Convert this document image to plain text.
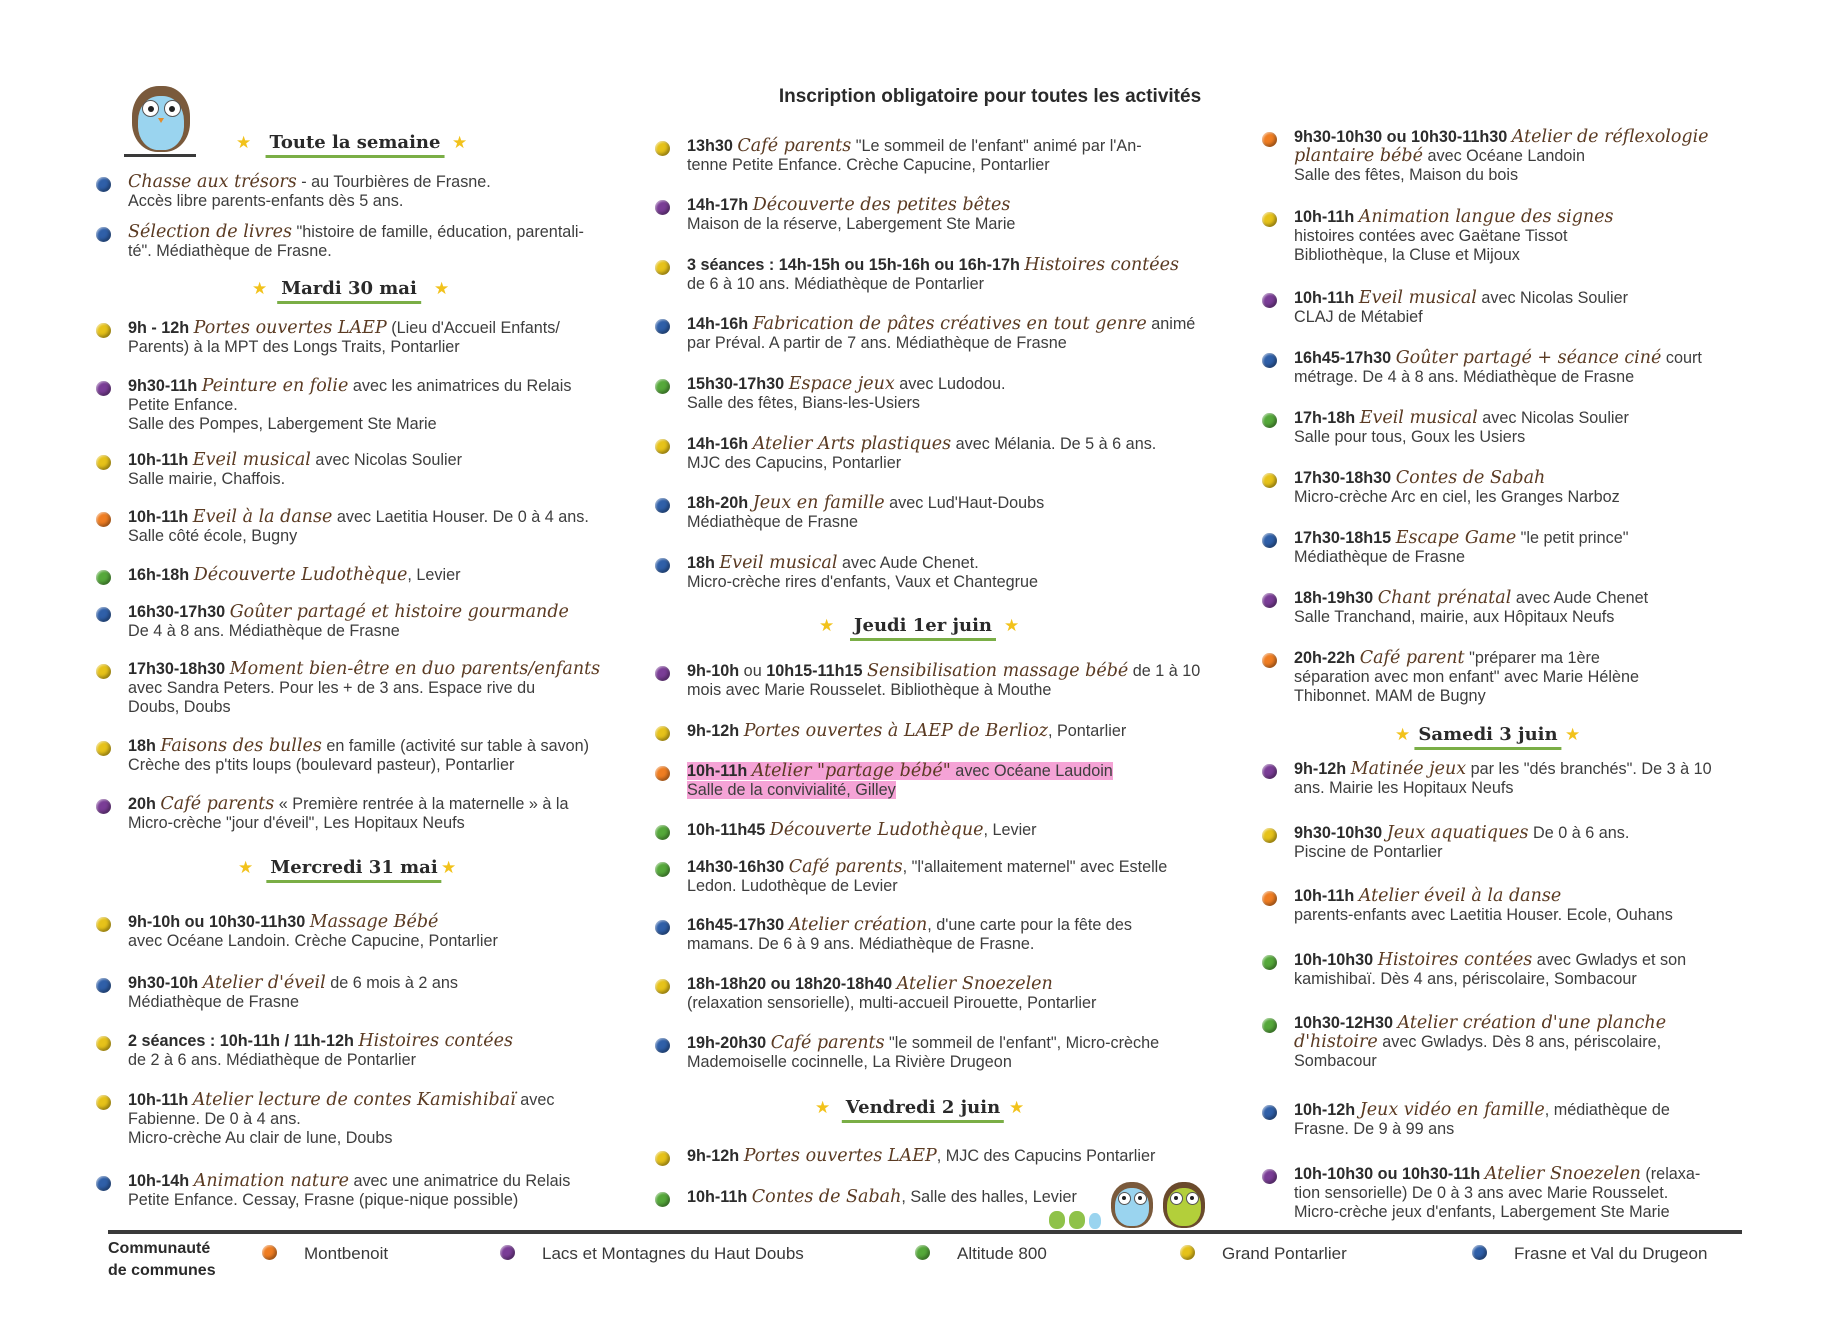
Inscription obligatoire pour toutes les activités
★ Toute la semaine ★
Chasse aux trésors - au Tourbières de Frasne.
Accès libre parents-enfants dès 5 ans.
Sélection de livres "histoire de famille, éducation, parentali-
té". Médiathèque de Frasne.
★ Mardi 30 mai ★
9h - 12h Portes ouvertes LAEP (Lieu d'Accueil Enfants/
Parents) à la MPT des Longs Traits, Pontarlier
9h30-11h Peinture en folie avec les animatrices du Relais
Petite Enfance.
Salle des Pompes, Labergement Ste Marie
10h-11h Eveil musical avec Nicolas Soulier
Salle mairie, Chaffois.
10h-11h Eveil à la danse avec Laetitia Houser. De 0 à 4 ans.
Salle côté école, Bugny
16h-18h Découverte Ludothèque, Levier
16h30-17h30 Goûter partagé et histoire gourmande
De 4 à 8 ans. Médiathèque de Frasne
17h30-18h30 Moment bien-être en duo parents/enfants
avec Sandra Peters. Pour les + de 3 ans. Espace rive du
Doubs, Doubs
18h Faisons des bulles en famille (activité sur table à savon)
Crèche des p'tits loups (boulevard pasteur), Pontarlier
20h Café parents « Première rentrée à la maternelle » à la
Micro-crèche "jour d'éveil", Les Hopitaux Neufs
★ Mercredi 31 mai ★
9h-10h ou 10h30-11h30 Massage Bébé
avec Océane Landoin. Crèche Capucine, Pontarlier
9h30-10h Atelier d'éveil de 6 mois à 2 ans
Médiathèque de Frasne
2 séances : 10h-11h / 11h-12h Histoires contées
de 2 à 6 ans. Médiathèque de Pontarlier
10h-11h Atelier lecture de contes Kamishibaï avec
Fabienne. De 0 à 4 ans.
Micro-crèche Au clair de lune, Doubs
10h-14h Animation nature avec une animatrice du Relais
Petite Enfance. Cessay, Frasne (pique-nique possible)
13h30 Café parents "Le sommeil de l'enfant" animé par l'An-
tenne Petite Enfance. Crèche Capucine, Pontarlier
14h-17h Découverte des petites bêtes
Maison de la réserve, Labergement Ste Marie
3 séances : 14h-15h ou 15h-16h ou 16h-17h Histoires contées
de 6 à 10 ans. Médiathèque de Pontarlier
14h-16h Fabrication de pâtes créatives en tout genre animé
par Préval. A partir de 7 ans. Médiathèque de Frasne
15h30-17h30 Espace jeux avec Ludodou.
Salle des fêtes, Bians-les-Usiers
14h-16h Atelier Arts plastiques avec Mélania. De 5 à 6 ans.
MJC des Capucins, Pontarlier
18h-20h Jeux en famille avec Lud'Haut-Doubs
Médiathèque de Frasne
18h Eveil musical avec Aude Chenet.
Micro-crèche rires d'enfants, Vaux et Chantegrue
★ Jeudi 1er juin ★
9h-10h ou 10h15-11h15 Sensibilisation massage bébé de 1 à 10
mois avec Marie Rousselet. Bibliothèque à Mouthe
9h-12h Portes ouvertes à LAEP de Berlioz, Pontarlier
10h-11h Atelier "partage bébé" avec Océane Laudoin
Salle de la convivialité, Gilley
10h-11h45 Découverte Ludothèque, Levier
14h30-16h30 Café parents, "l'allaitement maternel" avec Estelle
Ledon. Ludothèque de Levier
16h45-17h30 Atelier création, d'une carte pour la fête des
mamans. De 6 à 9 ans. Médiathèque de Frasne.
18h-18h20 ou 18h20-18h40 Atelier Snoezelen
(relaxation sensorielle), multi-accueil Pirouette, Pontarlier
19h-20h30 Café parents "le sommeil de l'enfant", Micro-crèche
Mademoiselle cocinnelle, La Rivière Drugeon
★ Vendredi 2 juin ★
9h-12h Portes ouvertes LAEP, MJC des Capucins Pontarlier
10h-11h Contes de Sabah, Salle des halles, Levier
9h30-10h30 ou 10h30-11h30 Atelier de réflexologie
plantaire bébé avec Océane Landoin
Salle des fêtes, Maison du bois
10h-11h Animation langue des signes
histoires contées avec Gaëtane Tissot
Bibliothèque, la Cluse et Mijoux
10h-11h Eveil musical avec Nicolas Soulier
CLAJ de Métabief
16h45-17h30 Goûter partagé + séance ciné court
métrage. De 4 à 8 ans. Médiathèque de Frasne
17h-18h Eveil musical avec Nicolas Soulier
Salle pour tous, Goux les Usiers
17h30-18h30 Contes de Sabah
Micro-crèche Arc en ciel, les Granges Narboz
17h30-18h15 Escape Game "le petit prince"
Médiathèque de Frasne
18h-19h30 Chant prénatal avec Aude Chenet
Salle Tranchand, mairie, aux Hôpitaux Neufs
20h-22h Café parent "préparer ma 1ère
séparation avec mon enfant" avec Marie Hélène
Thibonnet. MAM de Bugny
★ Samedi 3 juin ★
9h-12h Matinée jeux par les "dés branchés". De 3 à 10
ans. Mairie les Hopitaux Neufs
9h30-10h30 Jeux aquatiques De 0 à 6 ans.
Piscine de Pontarlier
10h-11h Atelier éveil à la danse
parents-enfants avec Laetitia Houser. Ecole, Ouhans
10h-10h30 Histoires contées avec Gwladys et son
kamishibaï. Dès 4 ans, périscolaire, Sombacour
10h30-12H30 Atelier création d'une planche
d'histoire avec Gwladys. Dès 8 ans, périscolaire,
Sombacour
10h-12h Jeux vidéo en famille, médiathèque de
Frasne. De 9 à 99 ans
10h-10h30 ou 10h30-11h Atelier Snoezelen (relaxa-
tion sensorielle) De 0 à 3 ans avec Marie Rousselet.
Micro-crèche jeux d'enfants, Labergement Ste Marie
Communauté
de communes
Montbenoit	Lacs et Montagnes du Haut Doubs	Altitude 800	Grand Pontarlier	Frasne et Val du Drugeon
